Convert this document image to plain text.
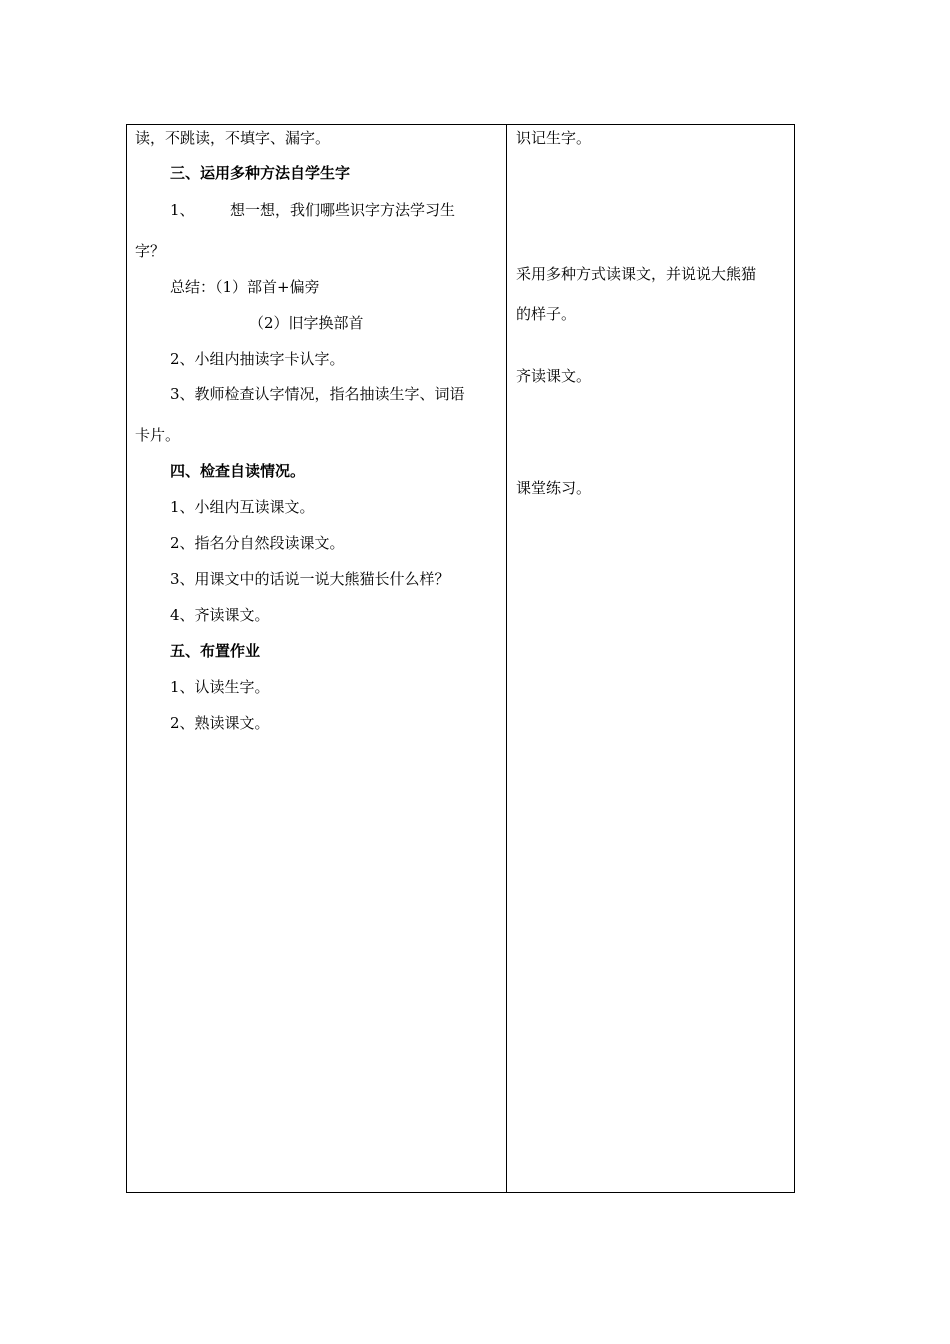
读，不跳读，不填字、漏字。
三、运用多种方法自学生字
1、 想一想，我们哪些识字方法学习生
字？
总结：（1）部首+偏旁
（2）旧字换部首
2、小组内抽读字卡认字。
3、教师检查认字情况，指名抽读生字、词语
卡片。
四、检查自读情况。
1、小组内互读课文。
2、指名分自然段读课文。
3、用课文中的话说一说大熊猫长什么样？
4、齐读课文。
五、布置作业
1、认读生字。
2、熟读课文。
识记生字。
采用多种方式读课文，并说说大熊猫
的样子。
齐读课文。
课堂练习。
